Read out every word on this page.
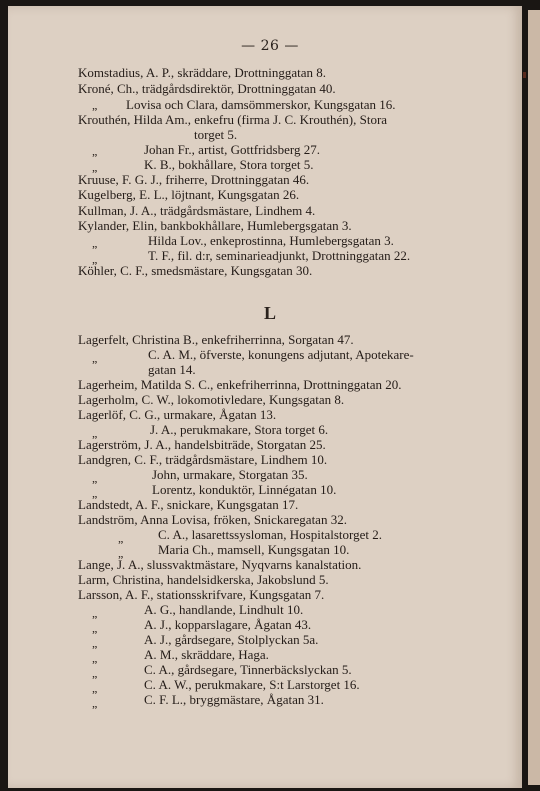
— 26 —
Komstadius, A. P., skräddare, Drottninggatan 8.
Kroné, Ch., trädgårdsdirektör, Drottninggatan 40.
„ Lovisa och Clara, damsömmerskor, Kungsgatan 16.
Krouthén, Hilda Am., enkefru (firma J. C. Krouthén), Stora
torget 5.
„	Johan Fr., artist, Gottfridsberg 27.
„	K. B., bokhållare, Stora torget 5.
Kruuse, F. G. J., friherre, Drottninggatan 46.
Kugelberg, E. L., löjtnant, Kungsgatan 26.
Kullman, J. A., trädgårdsmästare, Lindhem 4.
Kylander, Elin, bankbokhållare, Humlebergsgatan 3.
„	Hilda Lov., enkeprostinna, Humlebergsgatan 3.
„	T. F., fil. d:r, seminarieadjunkt, Drottninggatan 22.
Köhler, C. F., smedsmästare, Kungsgatan 30.
L
Lagerfelt, Christina B., enkefriherrinna, Sorgatan 47.
„	C. A. M., öfverste, konungens adjutant, Apotekare-
gatan 14.
Lagerheim, Matilda S. C., enkefriherrinna, Drottninggatan 20.
Lagerholm, C. W., lokomotivledare, Kungsgatan 8.
Lagerlöf, C. G., urmakare, Ågatan 13.
„	J. A., perukmakare, Stora torget 6.
Lagerström, J. A., handelsbiträde, Storgatan 25.
Landgren, C. F., trädgårdsmästare, Lindhem 10.
„	John, urmakare, Storgatan 35.
„	Lorentz, konduktör, Linnégatan 10.
Landstedt, A. F., snickare, Kungsgatan 17.
Landström, Anna Lovisa, fröken, Snickaregatan 32.
„	C. A., lasarettssysloman, Hospitalstorget 2.
„	Maria Ch., mamsell, Kungsgatan 10.
Lange, J. A., slussvaktmästare, Nyqvarns kanalstation.
Larm, Christina, handelsidkerska, Jakobslund 5.
Larsson, A. F., stationsskrifvare, Kungsgatan 7.
„	A. G., handlande, Lindhult 10.
„	A. J., kopparslagare, Ågatan 43.
„	A. J., gårdsegare, Stolplyckan 5a.
„	A. M., skräddare, Haga.
„	C. A., gårdsegare, Tinnerbäckslyckan 5.
„	C. A. W., perukmakare, S:t Larstorget 16.
„	C. F. L., bryggmästare, Ågatan 31.
